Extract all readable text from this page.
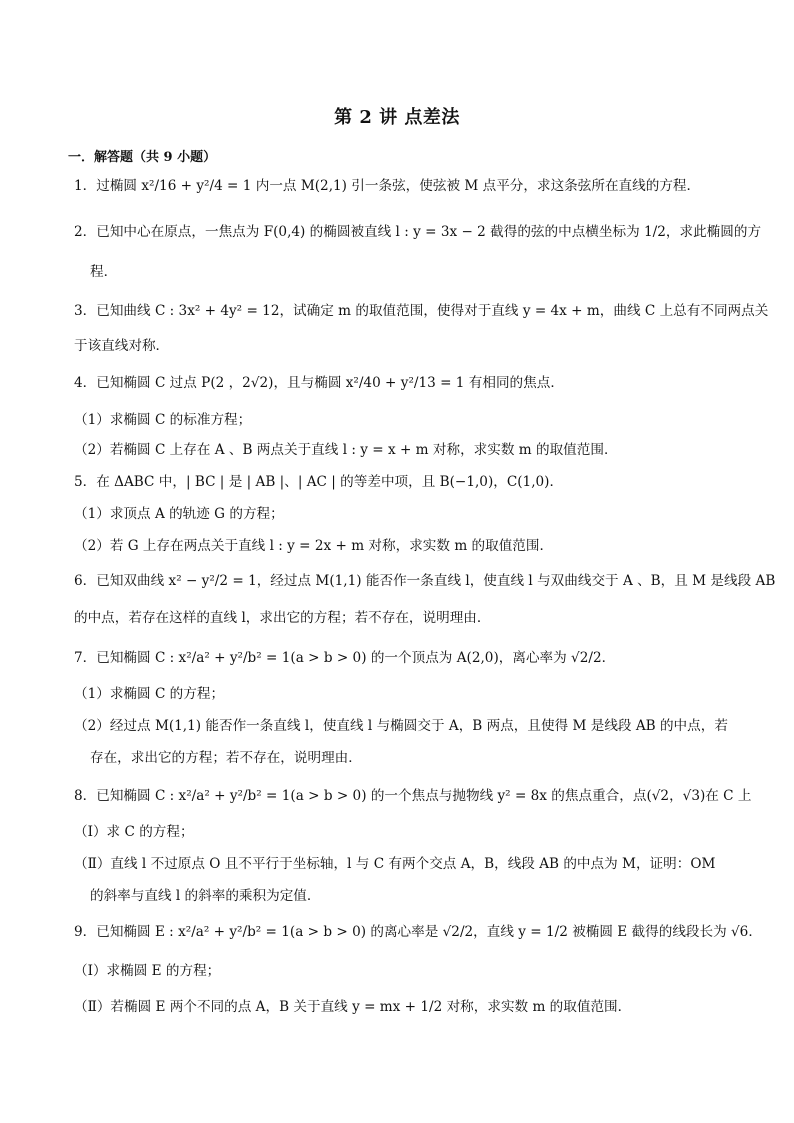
第 2 讲 点差法
一．解答题（共 9 小题）
1．过椭圆 x²/16 + y²/4 = 1 内一点 M(2,1) 引一条弦，使弦被 M 点平分，求这条弦所在直线的方程．
2．已知中心在原点，一焦点为 F(0,4) 的椭圆被直线 l : y = 3x − 2 截得的弦的中点横坐标为 1/2，求此椭圆的方
程．
3．已知曲线 C : 3x² + 4y² = 12，试确定 m 的取值范围，使得对于直线 y = 4x + m，曲线 C 上总有不同两点关
于该直线对称．
4．已知椭圆 C 过点 P(2 ，2√2)，且与椭圆 x²/40 + y²/13 = 1 有相同的焦点．
（1）求椭圆 C 的标准方程；
（2）若椭圆 C 上存在 A 、B 两点关于直线 l : y = x + m 对称，求实数 m 的取值范围．
5．在 ΔABC 中，| BC | 是 | AB |、| AC | 的等差中项，且 B(−1,0)，C(1,0)．
（1）求顶点 A 的轨迹 G 的方程；
（2）若 G 上存在两点关于直线 l : y = 2x + m 对称，求实数 m 的取值范围．
6．已知双曲线 x² − y²/2 = 1，经过点 M(1,1) 能否作一条直线 l，使直线 l 与双曲线交于 A 、B，且 M 是线段 AB
的中点，若存在这样的直线 l，求出它的方程；若不存在，说明理由．
7．已知椭圆 C : x²/a² + y²/b² = 1(a > b > 0) 的一个顶点为 A(2,0)，离心率为 √2/2．
（1）求椭圆 C 的方程；
（2）经过点 M(1,1) 能否作一条直线 l，使直线 l 与椭圆交于 A，B 两点，且使得 M 是线段 AB 的中点，若
存在，求出它的方程；若不存在，说明理由．
8．已知椭圆 C : x²/a² + y²/b² = 1(a > b > 0) 的一个焦点与抛物线 y² = 8x 的焦点重合，点(√2，√3)在 C 上
（Ⅰ）求 C 的方程；
（Ⅱ）直线 l 不过原点 O 且不平行于坐标轴，l 与 C 有两个交点 A，B，线段 AB 的中点为 M，证明：OM
的斜率与直线 l 的斜率的乘积为定值．
9．已知椭圆 E : x²/a² + y²/b² = 1(a > b > 0) 的离心率是 √2/2，直线 y = 1/2 被椭圆 E 截得的线段长为 √6．
（Ⅰ）求椭圆 E 的方程；
（Ⅱ）若椭圆 E 两个不同的点 A，B 关于直线 y = mx + 1/2 对称，求实数 m 的取值范围．
